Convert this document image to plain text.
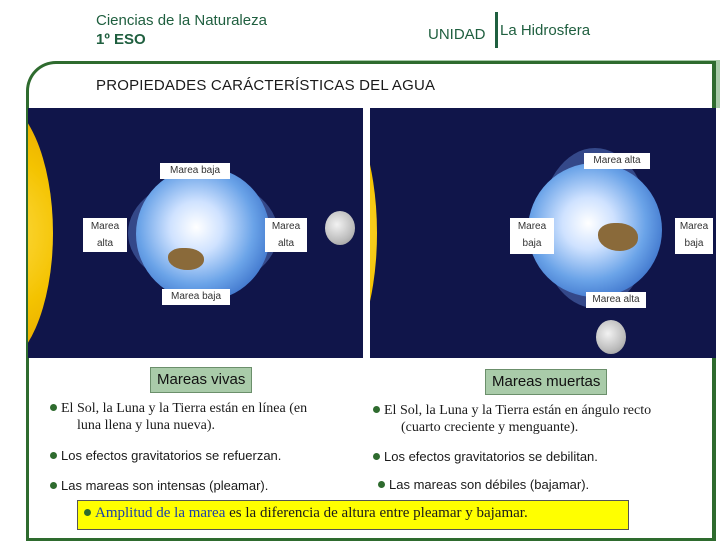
Ciencias de la Naturaleza
1º ESO	UNIDAD La Hidrosfera
PROPIEDADES CARÁCTERÍSTICAS DEL AGUA
Marea baja
Marea baja
Marea
alta
Marea
alta
Marea alta
Marea alta
Marea
baja
Marea
baja
Mareas vivas
El Sol, la Luna y la Tierra están en línea (en
luna llena y luna nueva).
Los efectos gravitatorios se refuerzan.
Las mareas son intensas (pleamar).
Mareas muertas
El Sol, la Luna y la Tierra están en ángulo recto
(cuarto creciente y menguante).
Los efectos gravitatorios se debilitan.
Las mareas son débiles (bajamar).
Amplitud de la marea es la diferencia de altura entre pleamar y bajamar.
